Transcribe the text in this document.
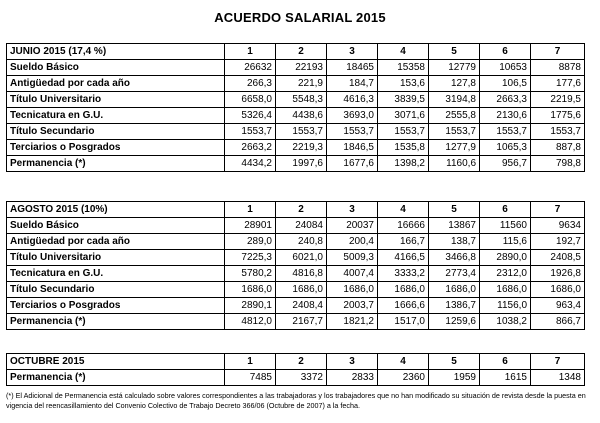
ACUERDO SALARIAL 2015
JUNIO 2015 (17,4 %)	1	2	3	4	5	6	7
Sueldo Básico	26632	22193	18465	15358	12779	10653	8878
Antigüedad por cada año	266,3	221,9	184,7	153,6	127,8	106,5	177,6
Título Universitario	6658,0	5548,3	4616,3	3839,5	3194,8	2663,3	2219,5
Tecnicatura en G.U.	5326,4	4438,6	3693,0	3071,6	2555,8	2130,6	1775,6
Título Secundario	1553,7	1553,7	1553,7	1553,7	1553,7	1553,7	1553,7
Terciarios o Posgrados	2663,2	2219,3	1846,5	1535,8	1277,9	1065,3	887,8
Permanencia (*)	4434,2	1997,6	1677,6	1398,2	1160,6	956,7	798,8
AGOSTO 2015 (10%)	1	2	3	4	5	6	7
Sueldo Básico	28901	24084	20037	16666	13867	11560	9634
Antigüedad por cada año	289,0	240,8	200,4	166,7	138,7	115,6	192,7
Título Universitario	7225,3	6021,0	5009,3	4166,5	3466,8	2890,0	2408,5
Tecnicatura en G.U.	5780,2	4816,8	4007,4	3333,2	2773,4	2312,0	1926,8
Título Secundario	1686,0	1686,0	1686,0	1686,0	1686,0	1686,0	1686,0
Terciarios o Posgrados	2890,1	2408,4	2003,7	1666,6	1386,7	1156,0	963,4
Permanencia (*)	4812,0	2167,7	1821,2	1517,0	1259,6	1038,2	866,7
OCTUBRE 2015	1	2	3	4	5	6	7
Permanencia (*)	7485	3372	2833	2360	1959	1615	1348
(*) El Adicional de Permanencia está calculado sobre valores correspondientes a las trabajadoras y los trabajadores que no han modificado su situación de revista desde la puesta en vigencia del reencasillamiento del Convenio Colectivo de Trabajo Decreto 366/06 (Octubre de 2007) a la fecha.
